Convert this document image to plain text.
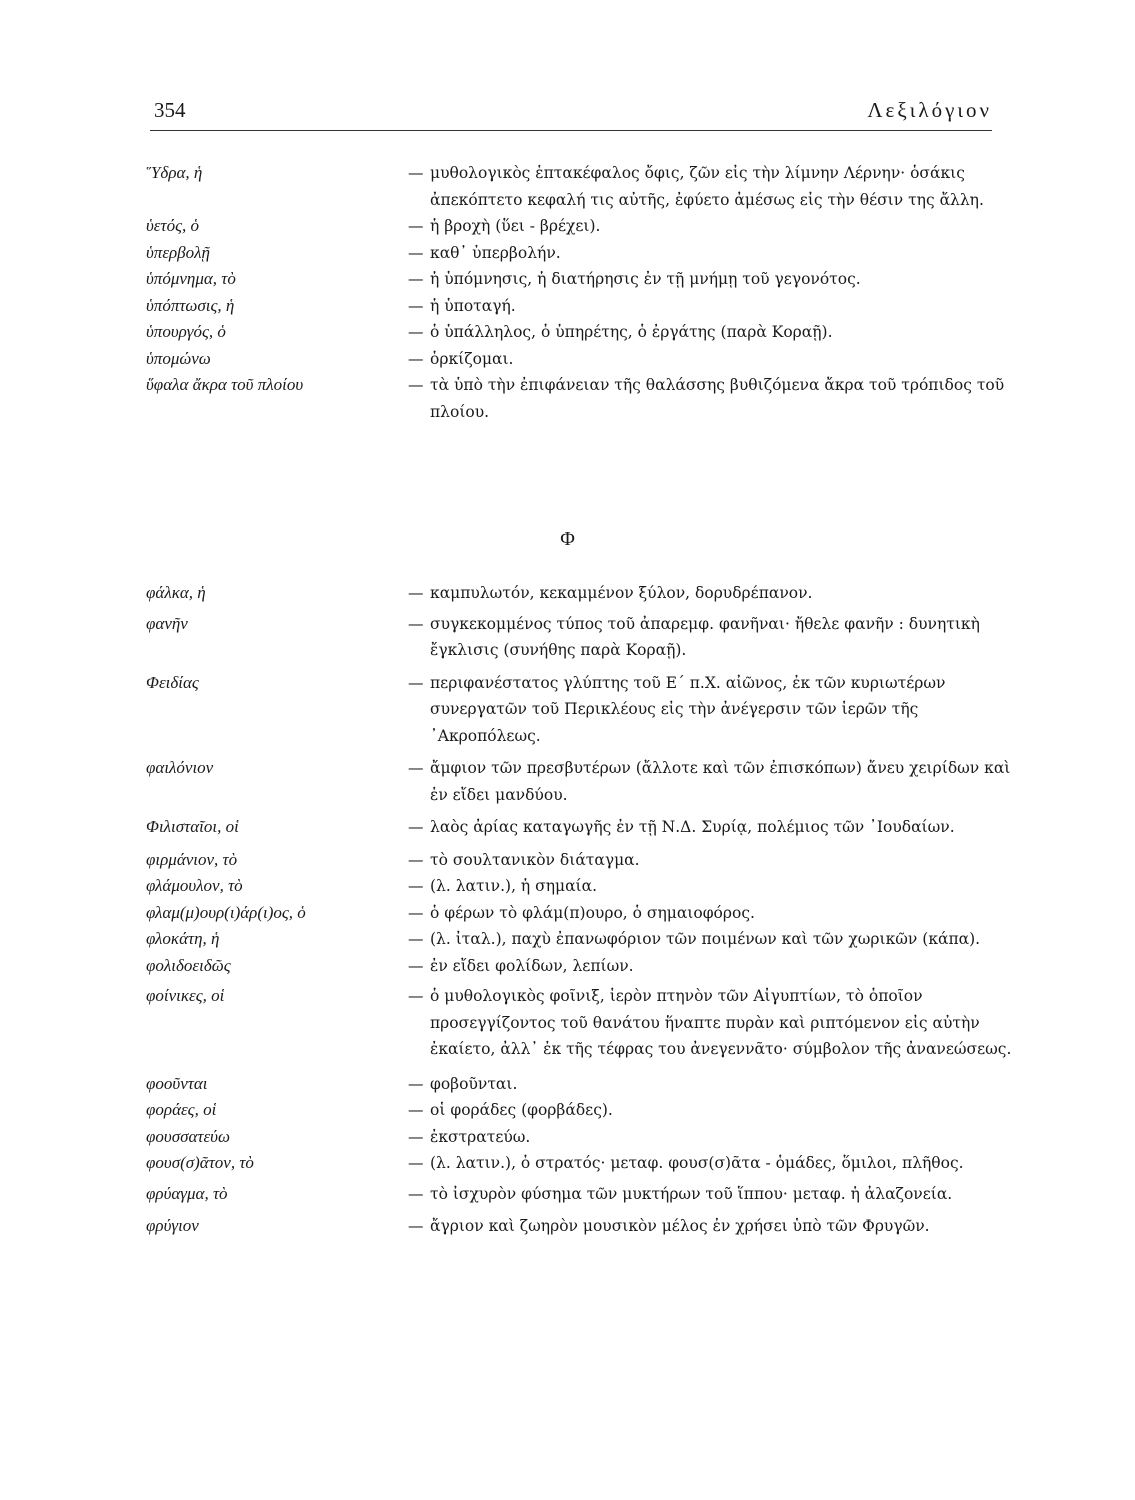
354	Λεξιλόγιον
Ὕδρα, ἡ	— μυθολογικὸς ἑπτακέφαλος ὄφις, ζῶν εἰς τὴν λίμνην Λέρνην· ὁσάκις ἀπεκόπτετο κεφαλή τις αὐτῆς, ἐφύετο ἀμέσως εἰς τὴν θέσιν της ἄλλη.
ὑετός, ὁ	— ἡ βροχὴ (ὕει - βρέχει).
ὑπερβολῇ	— καθ᾽ ὑπερβολήν.
ὑπόμνημα, τὸ	— ἡ ὑπόμνησις, ἡ διατήρησις ἐν τῇ μνήμῃ τοῦ γεγονότος.
ὑπόπτωσις, ἡ	— ἡ ὑποταγή.
ὑπουργός, ὁ	— ὁ ὑπάλληλος, ὁ ὑπηρέτης, ὁ ἐργάτης (παρὰ Κοραῇ).
ὑπομώνω	— ὁρκίζομαι.
ὕφαλα ἄκρα τοῦ πλοίου	— τὰ ὑπὸ τὴν ἐπιφάνειαν τῆς θαλάσσης βυθιζόμενα ἄκρα τοῦ τρόπιδος τοῦ πλοίου.
Φ
φάλκα, ἡ	— καμπυλωτόν, κεκαμμένον ξύλον, δορυδρέπανον.
φανῆν	— συγκεκομμένος τύπος τοῦ ἀπαρεμφ. φανῆναι· ἤθελε φανῆν : δυνητικὴ ἔγκλισις (συνήθης παρὰ Κοραῇ).
Φειδίας	— περιφανέστατος γλύπτης τοῦ Ε΄ π.Χ. αἰῶνος, ἐκ τῶν κυριωτέρων συνεργατῶν τοῦ Περικλέους εἰς τὴν ἀνέγερσιν τῶν ἱερῶν τῆς ᾿Ακροπόλεως.
φαιλόνιον	— ἄμφιον τῶν πρεσβυτέρων (ἄλλοτε καὶ τῶν ἐπισκόπων) ἄνευ χειρίδων καὶ ἐν εἴδει μανδύου.
Φιλισταῖοι, οἱ	— λαὸς ἀρίας καταγωγῆς ἐν τῇ Ν.Δ. Συρίᾳ, πολέμιος τῶν ᾿Ιουδαίων.
φιρμάνιον, τὸ	— τὸ σουλτανικὸν διάταγμα.
φλάμουλον, τὸ	— (λ. λατιν.), ἡ σημαία.
φλαμ(μ)ουρ(ι)άρ(ι)ος, ὁ	— ὁ φέρων τὸ φλάμ(π)ουρο, ὁ σημαιοφόρος.
φλοκάτη, ἡ	— (λ. ἰταλ.), παχὺ ἐπανωφόριον τῶν ποιμένων καὶ τῶν χωρικῶν (κάπα).
φολιδοειδῶς	— ἐν εἴδει φολίδων, λεπίων.
φοίνικες, οἱ	— ὁ μυθολογικὸς φοῖνιξ, ἱερὸν πτηνὸν τῶν Αἰγυπτίων, τὸ ὁποῖον προσεγγίζοντος τοῦ θανάτου ἥναπτε πυρὰν καὶ ριπτόμενον εἰς αὐτὴν ἐκαίετο, ἀλλ᾽ ἐκ τῆς τέφρας του ἀνεγεννᾶτο· σύμβολον τῆς ἀνανεώσεως.
φοοῦνται	— φοβοῦνται.
φοράες, οἱ	— οἱ φοράδες (φορβάδες).
φουσσατεύω	— ἐκστρατεύω.
φουσ(σ)ᾶτον, τὸ	— (λ. λατιν.), ὁ στρατός· μεταφ. φουσ(σ)ᾶτα - ὁμάδες, ὅμιλοι, πλῆθος.
φρύαγμα, τὸ	— τὸ ἰσχυρὸν φύσημα τῶν μυκτήρων τοῦ ἵππου· μεταφ. ἡ ἀλαζονεία.
φρύγιον	— ἄγριον καὶ ζωηρὸν μουσικὸν μέλος ἐν χρήσει ὑπὸ τῶν Φρυγῶν.
